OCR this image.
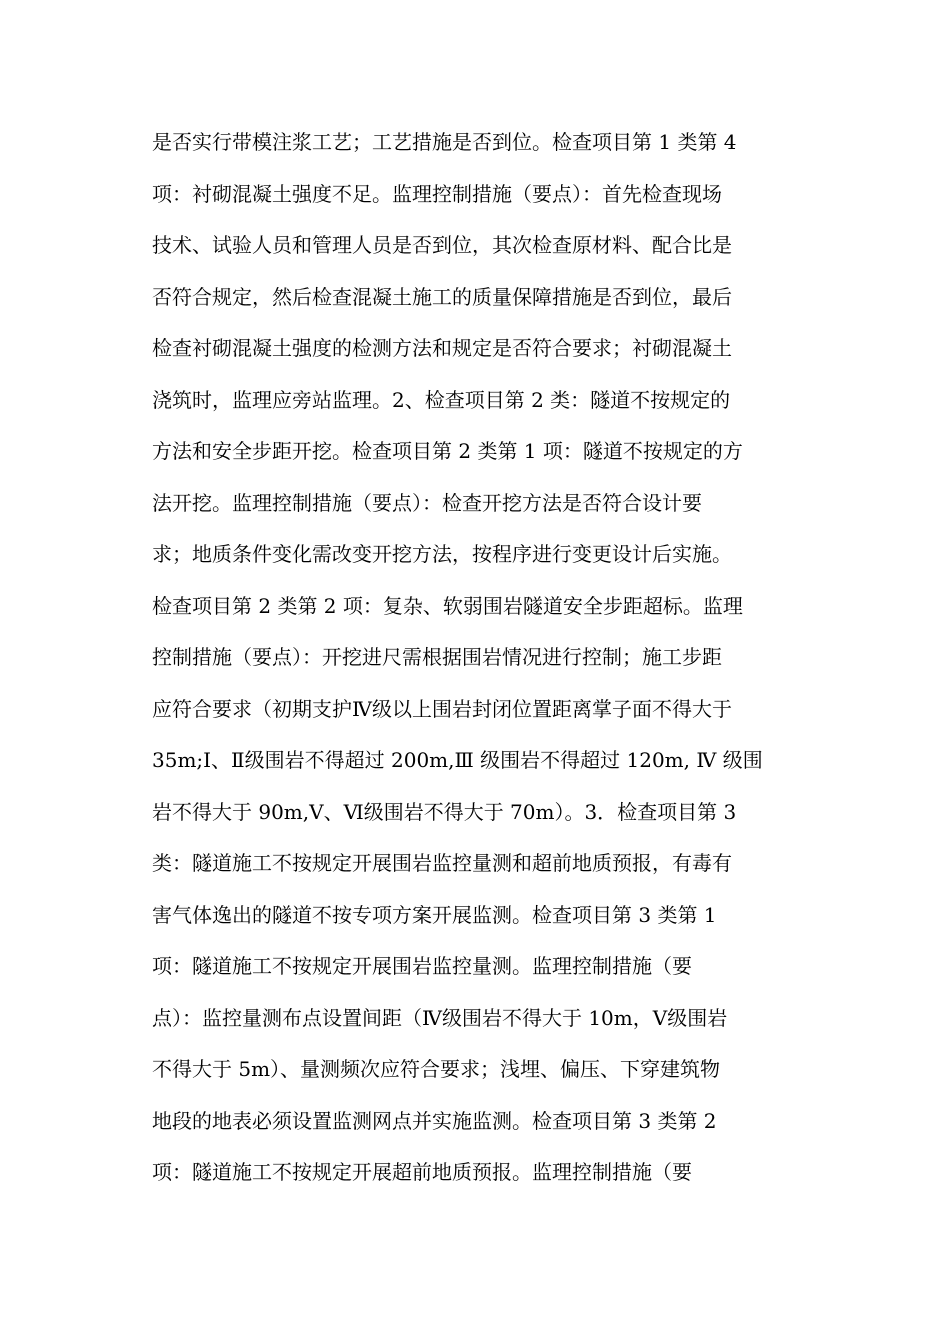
是否实行带模注浆工艺；工艺措施是否到位。检查项目第 1 类第 4
项：衬砌混凝土强度不足。监理控制措施（要点）：首先检查现场
技术、试验人员和管理人员是否到位，其次检查原材料、配合比是
否符合规定，然后检查混凝土施工的质量保障措施是否到位，最后
检查衬砌混凝土强度的检测方法和规定是否符合要求；衬砌混凝土
浇筑时，监理应旁站监理。2、检查项目第 2 类：隧道不按规定的
方法和安全步距开挖。检查项目第 2 类第 1 项：隧道不按规定的方
法开挖。监理控制措施（要点）：检查开挖方法是否符合设计要
求；地质条件变化需改变开挖方法，按程序进行变更设计后实施。
检查项目第 2 类第 2 项：复杂、软弱围岩隧道安全步距超标。监理
控制措施（要点）：开挖进尺需根据围岩情况进行控制；施工步距
应符合要求（初期支护Ⅳ级以上围岩封闭位置距离掌子面不得大于
35m;Ⅰ、Ⅱ级围岩不得超过 200m,Ⅲ 级围岩不得超过 120m, Ⅳ 级围
岩不得大于 90m,Ⅴ、Ⅵ级围岩不得大于 70m）。3．检查项目第 3
类：隧道施工不按规定开展围岩监控量测和超前地质预报，有毒有
害气体逸出的隧道不按专项方案开展监测。检查项目第 3 类第 1
项：隧道施工不按规定开展围岩监控量测。监理控制措施（要
点）：监控量测布点设置间距（Ⅳ级围岩不得大于 10m，Ⅴ级围岩
不得大于 5m）、量测频次应符合要求；浅埋、偏压、下穿建筑物
地段的地表必须设置监测网点并实施监测。检查项目第 3 类第 2
项：隧道施工不按规定开展超前地质预报。监理控制措施（要
